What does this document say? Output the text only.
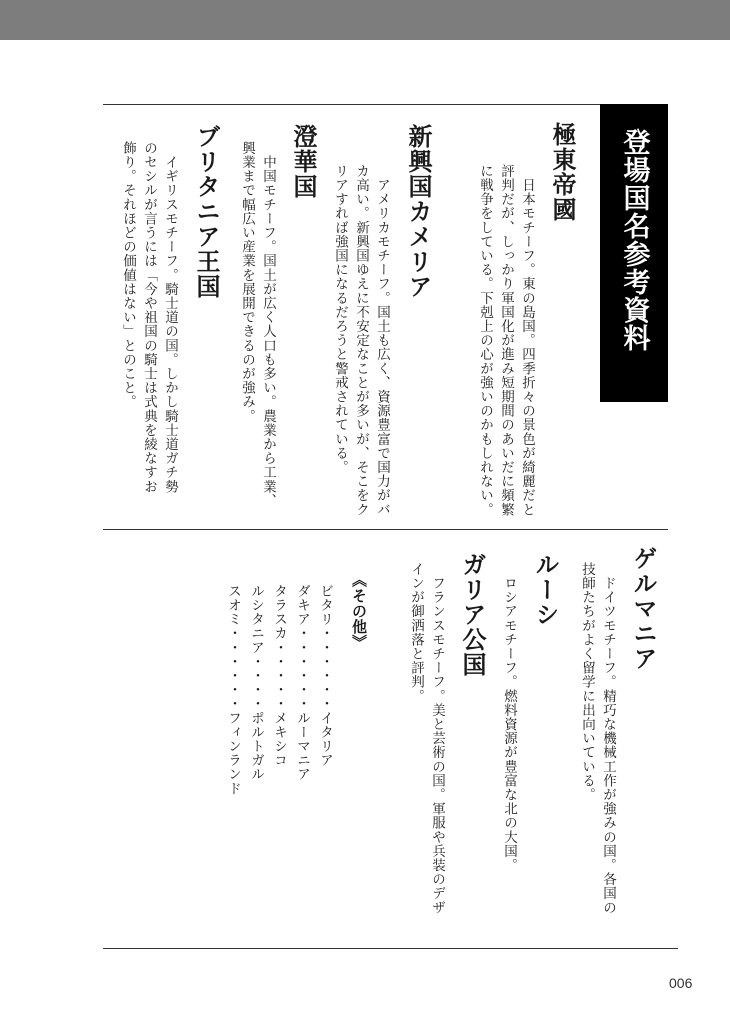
登場国名参考資料
極東帝國
　日本モチーフ。東の島国。四季折々の景色が綺麗だと
評判だが、しっかり軍国化が進み短期間のあいだに頻繁
に戦争をしている。下剋上の心が強いのかもしれない。
新興国カメリア
　アメリカモチーフ。国土も広く、資源豊富で国力がバ
カ高い。新興国ゆえに不安定なことが多いが、そこをク
リアすれば強国になるだろうと警戒されている。
澄華国
　中国モチーフ。国土が広く人口も多い。農業から工業、
興業まで幅広い産業を展開できるのが強み。
ブリタニア王国
　イギリスモチーフ。騎士道の国。しかし騎士道ガチ勢
のセシルが言うには「今や祖国の騎士は式典を綾なすお
飾り。それほどの価値はない」とのこと。
ゲルマニア
　ドイツモチーフ。精巧な機械工作が強みの国。各国の
技師たちがよく留学に出向いている。
ルーシ
　ロシアモチーフ。燃料資源が豊富な北の大国。
ガリア公国
　フランスモチーフ。美と芸術の国。軍服や兵装のデザ
インが御洒落と評判。
《その他》
ビタリ・・・・・・イタリア
ダキア・・・・・・ルーマニア
タラスカ・・・・・メキシコ
ルシタニア・・・・ポルトガル
スオミ・・・・・・フィンランド
006
